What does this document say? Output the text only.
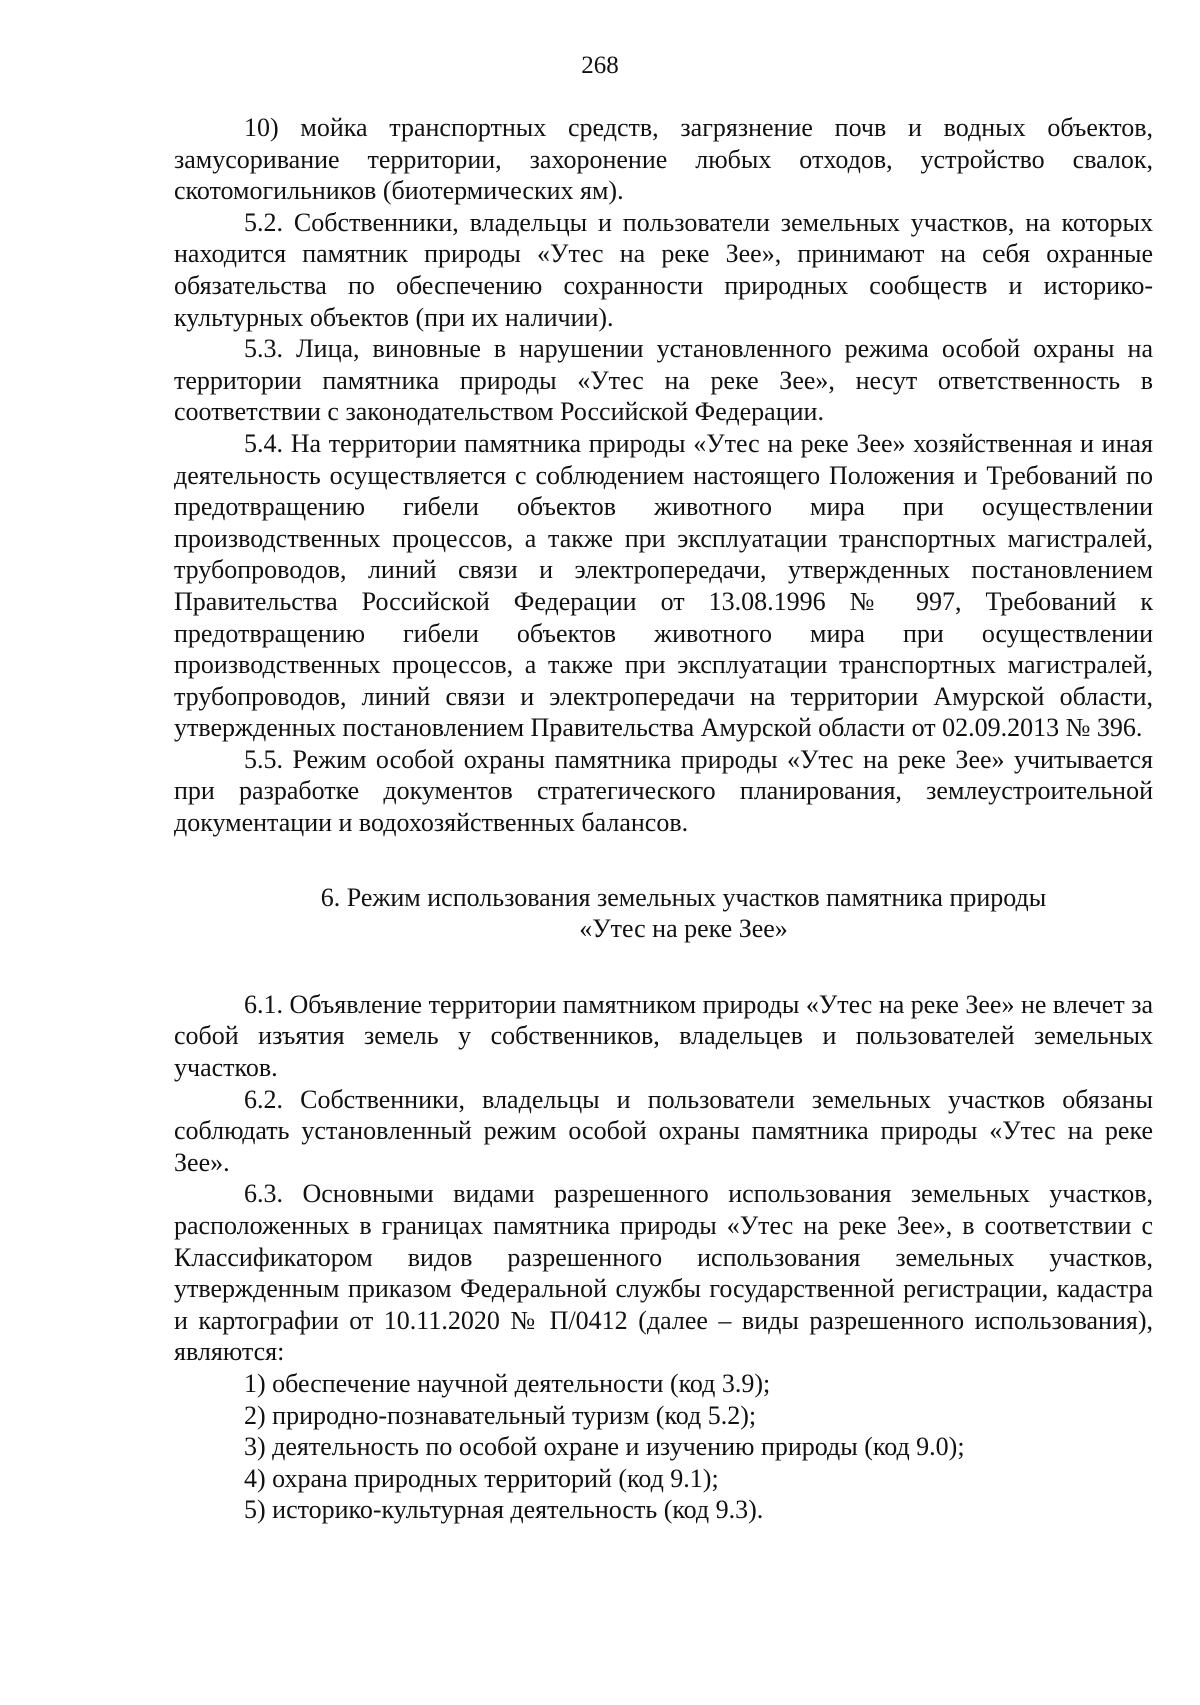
268

10) мойка транспортных средств, загрязнение почв и водных объектов, замусоривание территории, захоронение любых отходов, устройство свалок, скотомогильников (биотермических ям).

5.2. Собственники, владельцы и пользователи земельных участков, на которых находится памятник природы «Утес на реке Зее», принимают на себя охранные обязательства по обеспечению сохранности природных сообществ и историко-культурных объектов (при их наличии).

5.3. Лица, виновные в нарушении установленного режима особой охраны на территории памятника природы «Утес на реке Зее», несут ответственность в соответствии с законодательством Российской Федерации.

5.4. На территории памятника природы «Утес на реке Зее» хозяйственная и иная деятельность осуществляется с соблюдением настоящего Положения и Требований по предотвращению гибели объектов животного мира при осуществлении производственных процессов, а также при эксплуатации транспортных магистралей, трубопроводов, линий связи и электропередачи, утвержденных постановлением Правительства Российской Федерации от 13.08.1996 № 997, Требований к предотвращению гибели объектов животного мира при осуществлении производственных процессов, а также при эксплуатации транспортных магистралей, трубопроводов, линий связи и электропередачи на территории Амурской области, утвержденных постановлением Правительства Амурской области от 02.09.2013 № 396.

5.5. Режим особой охраны памятника природы «Утес на реке Зее» учитывается при разработке документов стратегического планирования, землеустроительной документации и водохозяйственных балансов.

6. Режим использования земельных участков памятника природы
«Утес на реке Зее»

6.1. Объявление территории памятником природы «Утес на реке Зее» не влечет за собой изъятия земель у собственников, владельцев и пользователей земельных участков.

6.2. Собственники, владельцы и пользователи земельных участков обязаны соблюдать установленный режим особой охраны памятника природы «Утес на реке Зее».

6.3. Основными видами разрешенного использования земельных участков, расположенных в границах памятника природы «Утес на реке Зее», в соответствии с Классификатором видов разрешенного использования земельных участков, утвержденным приказом Федеральной службы государственной регистрации, кадастра и картографии от 10.11.2020 № П/0412 (далее – виды разрешенного использования), являются:

1) обеспечение научной деятельности (код 3.9);

2) природно-познавательный туризм (код 5.2);

3) деятельность по особой охране и изучению природы (код 9.0);

4) охрана природных территорий (код 9.1);

5) историко-культурная деятельность (код 9.3).
